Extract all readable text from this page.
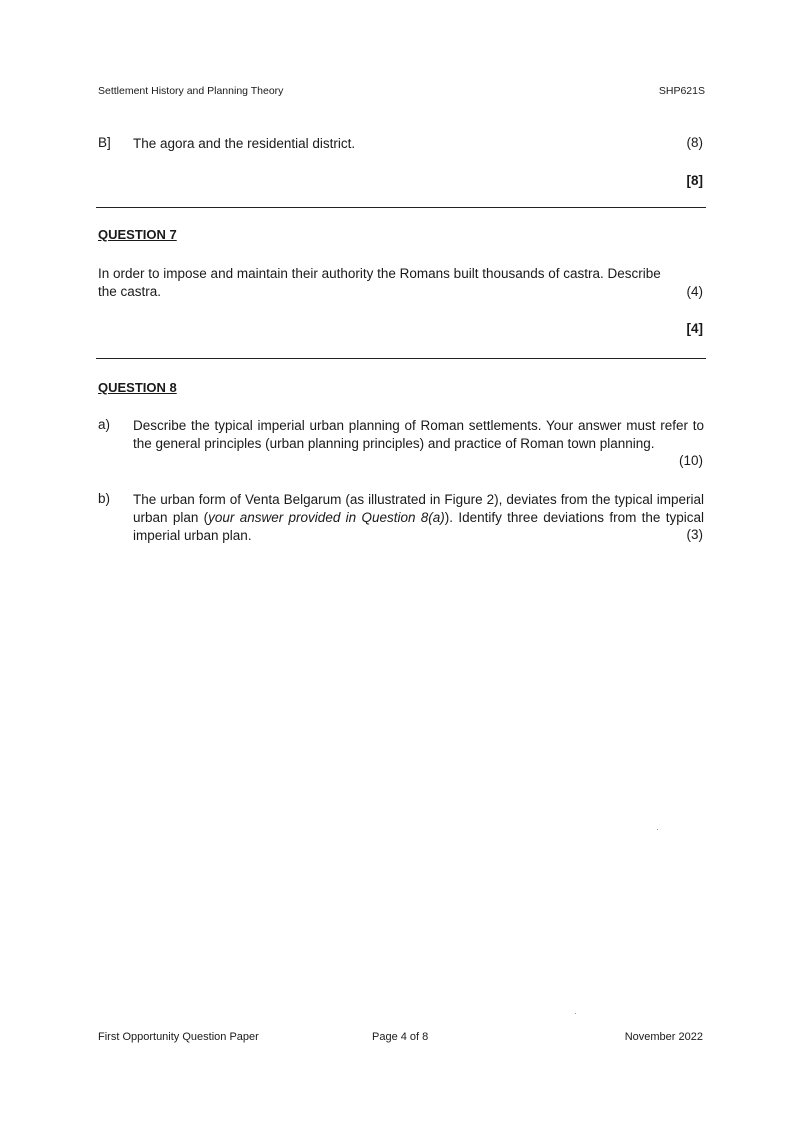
Settlement History and Planning Theory	SHP621S
B] The agora and the residential district.	(8)
[8]
QUESTION 7
In order to impose and maintain their authority the Romans built thousands of castra. Describe
the castra.	(4)
[4]
QUESTION 8
a) Describe the typical imperial urban planning of Roman settlements. Your answer must refer to the general principles (urban planning principles) and practice of Roman town planning.
(10)
b) The urban form of Venta Belgarum (as illustrated in Figure 2), deviates from the typical imperial urban plan (your answer provided in Question 8(a)). Identify three deviations from the typical imperial urban plan.	(3)
First Opportunity Question Paper	Page 4 of 8	November 2022
